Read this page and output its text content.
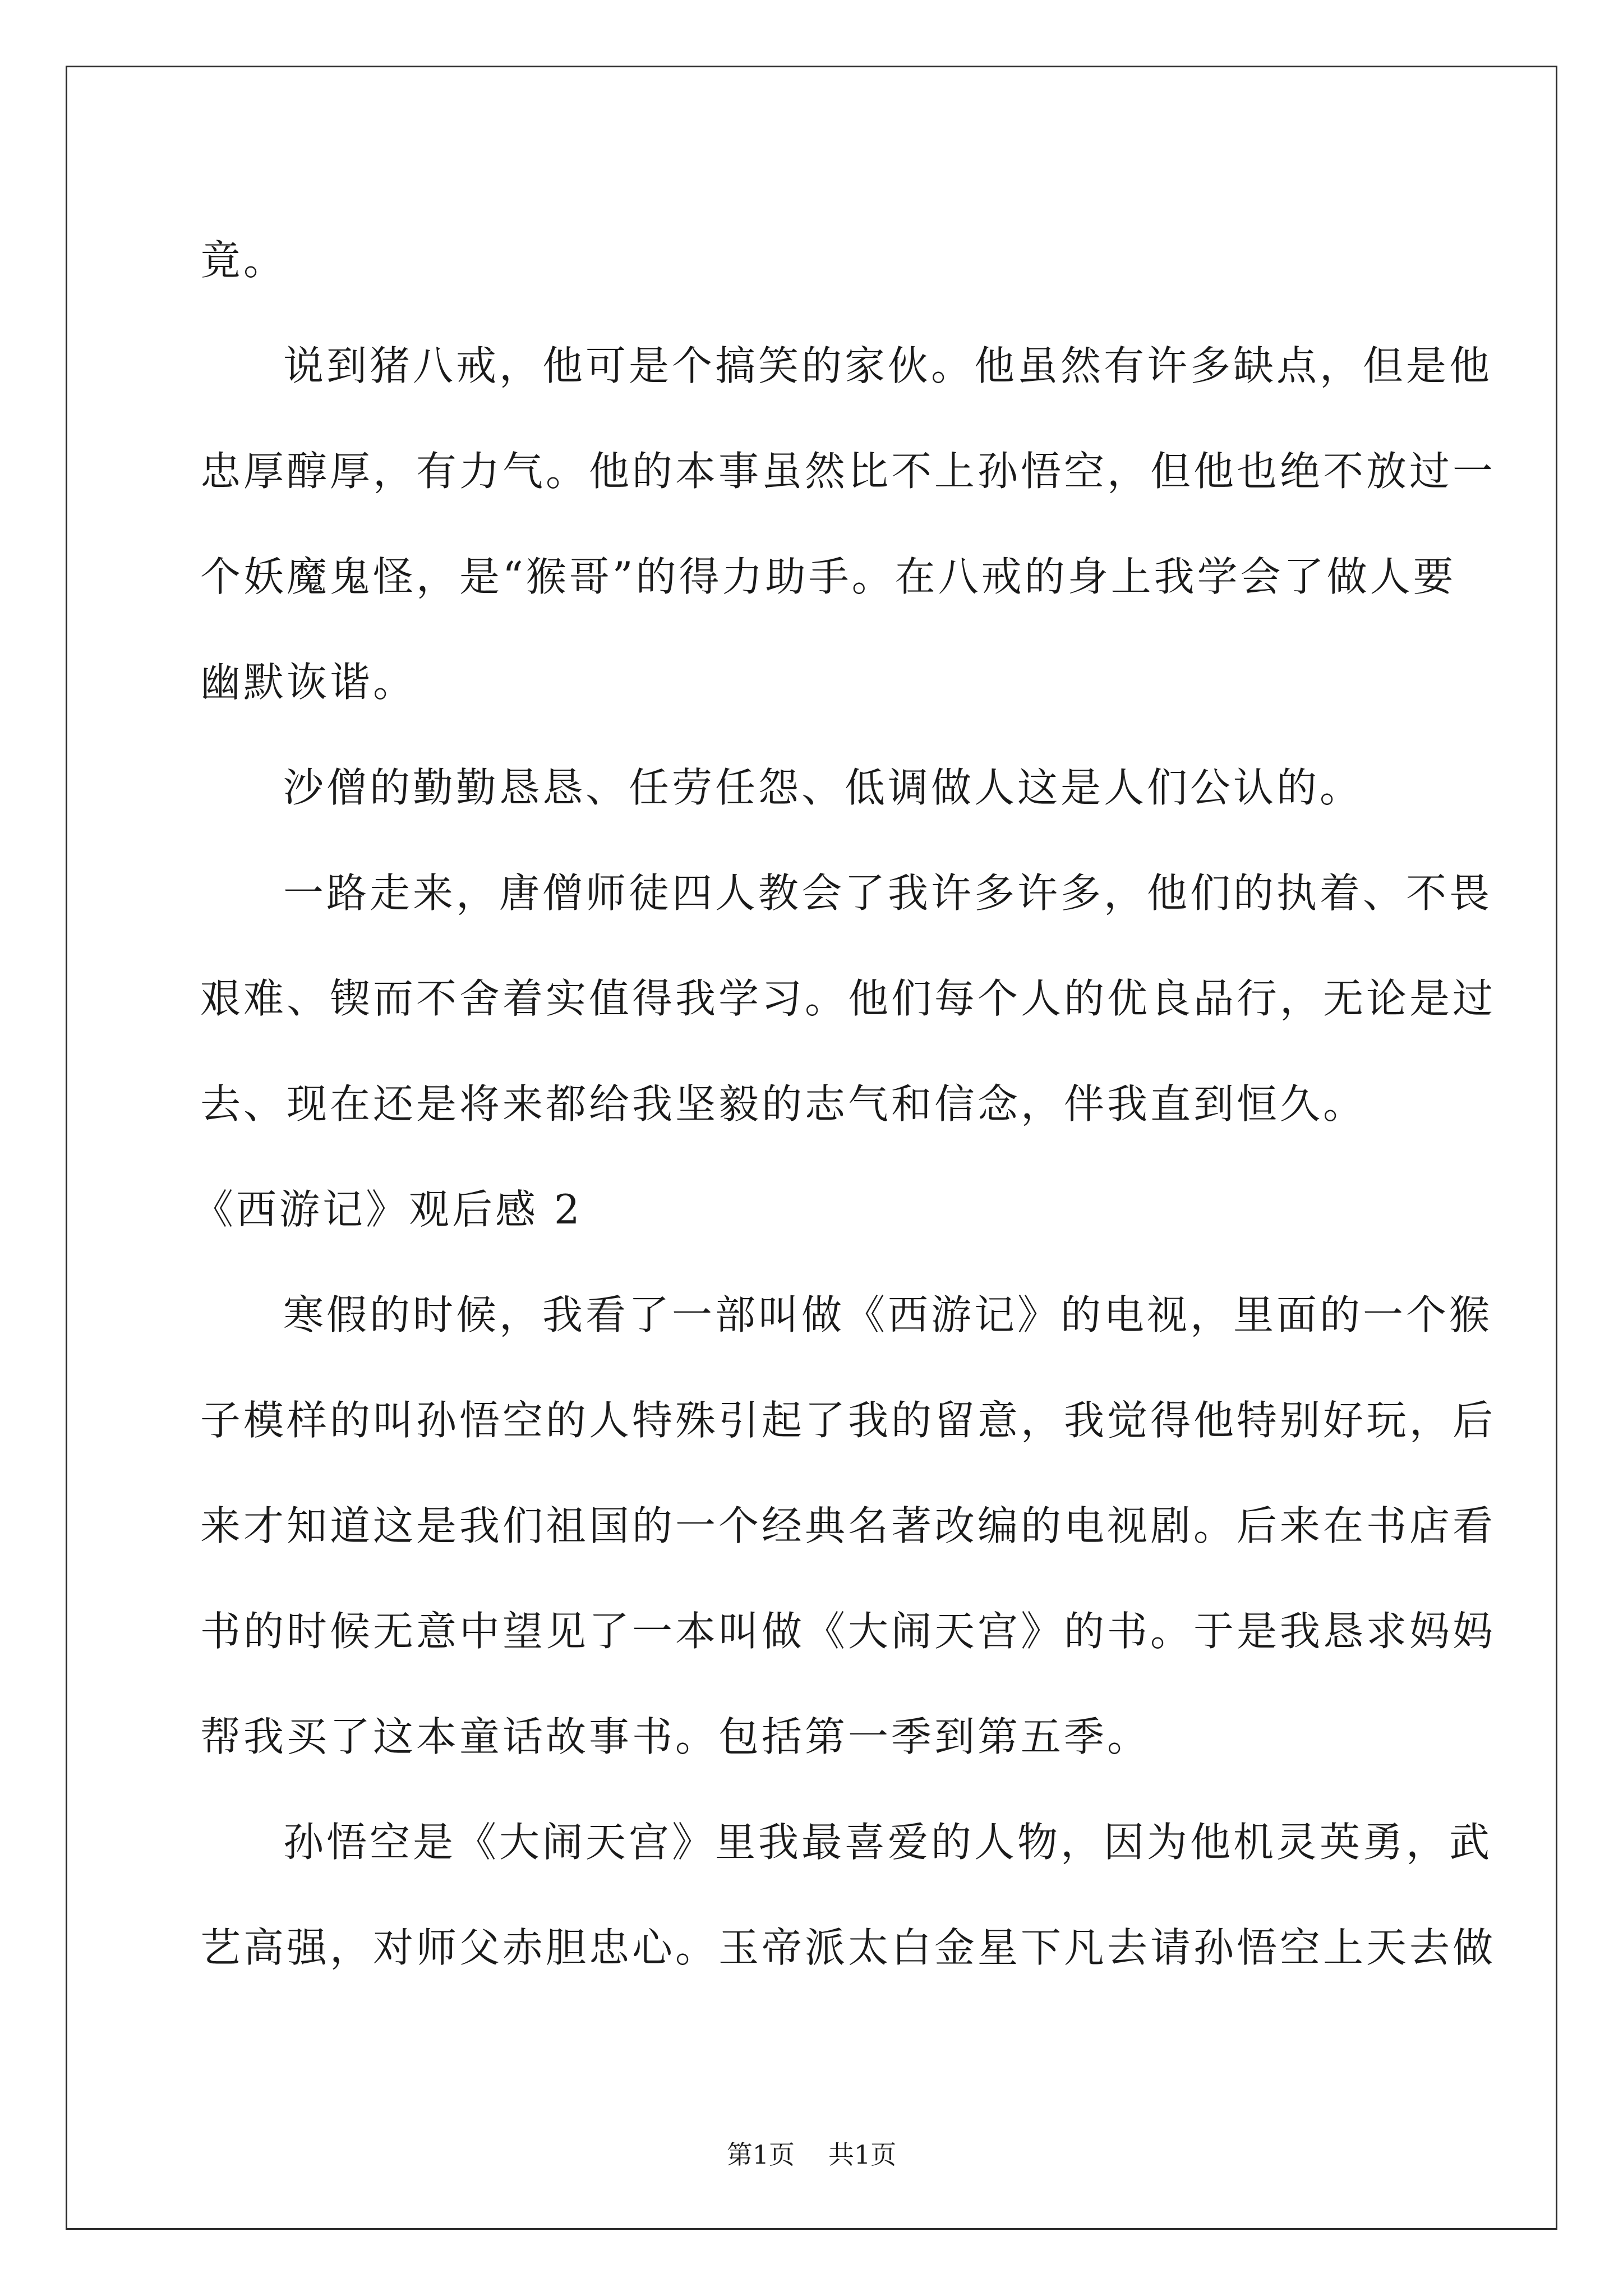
竟。
说到猪八戒，他可是个搞笑的家伙。他虽然有许多缺点，但是他
忠厚醇厚，有力气。他的本事虽然比不上孙悟空，但他也绝不放过一
个妖魔鬼怪，是“猴哥”的得力助手。在八戒的身上我学会了做人要
幽默诙谐。
沙僧的勤勤恳恳、任劳任怨、低调做人这是人们公认的。
一路走来，唐僧师徒四人教会了我许多许多，他们的执着、不畏
艰难、锲而不舍着实值得我学习。他们每个人的优良品行，无论是过
去、现在还是将来都给我坚毅的志气和信念，伴我直到恒久。
《西游记》观后感 2
寒假的时候，我看了一部叫做《西游记》的电视，里面的一个猴
子模样的叫孙悟空的人特殊引起了我的留意，我觉得他特别好玩，后
来才知道这是我们祖国的一个经典名著改编的电视剧。后来在书店看
书的时候无意中望见了一本叫做《大闹天宫》的书。于是我恳求妈妈
帮我买了这本童话故事书。包括第一季到第五季。
孙悟空是《大闹天宫》里我最喜爱的人物，因为他机灵英勇，武
艺高强，对师父赤胆忠心。玉帝派太白金星下凡去请孙悟空上天去做
第1页 共1页
